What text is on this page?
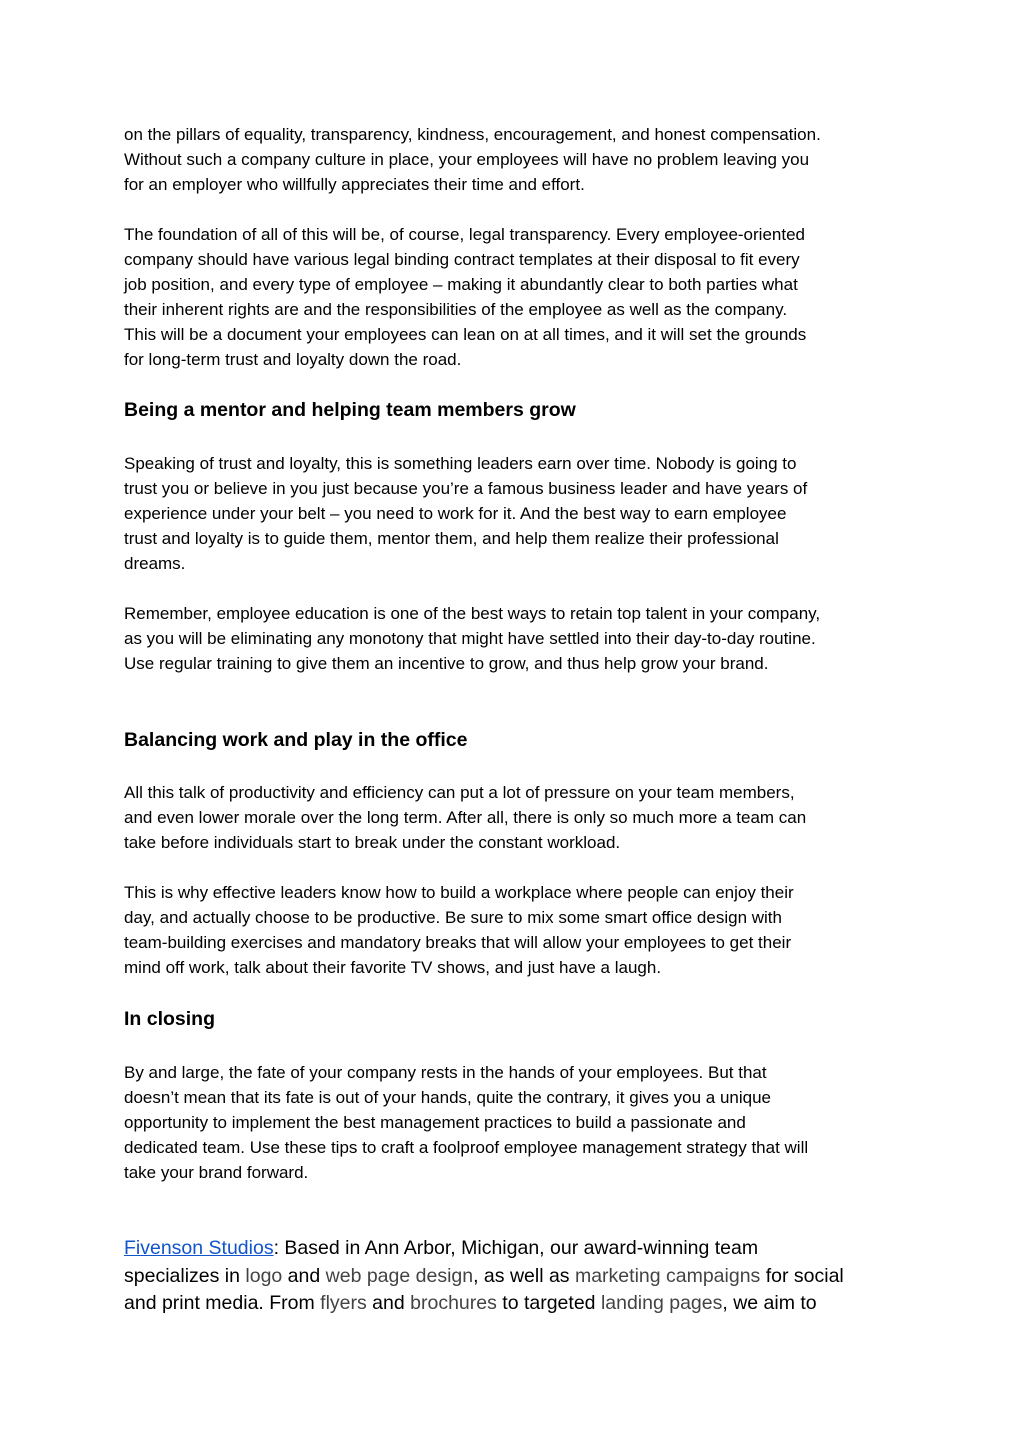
on the pillars of equality, transparency, kindness, encouragement, and honest compensation.
Without such a company culture in place, your employees will have no problem leaving you
for an employer who willfully appreciates their time and effort.

The foundation of all of this will be, of course, legal transparency. Every employee-oriented
company should have various legal binding contract templates at their disposal to fit every
job position, and every type of employee – making it abundantly clear to both parties what
their inherent rights are and the responsibilities of the employee as well as the company.
This will be a document your employees can lean on at all times, and it will set the grounds
for long-term trust and loyalty down the road.

Being a mentor and helping team members grow

Speaking of trust and loyalty, this is something leaders earn over time. Nobody is going to
trust you or believe in you just because you’re a famous business leader and have years of
experience under your belt – you need to work for it. And the best way to earn employee
trust and loyalty is to guide them, mentor them, and help them realize their professional
dreams.

Remember, employee education is one of the best ways to retain top talent in your company,
as you will be eliminating any monotony that might have settled into their day-to-day routine.
Use regular training to give them an incentive to grow, and thus help grow your brand.

Balancing work and play in the office

All this talk of productivity and efficiency can put a lot of pressure on your team members,
and even lower morale over the long term. After all, there is only so much more a team can
take before individuals start to break under the constant workload.

This is why effective leaders know how to build a workplace where people can enjoy their
day, and actually choose to be productive. Be sure to mix some smart office design with
team-building exercises and mandatory breaks that will allow your employees to get their
mind off work, talk about their favorite TV shows, and just have a laugh.

In closing

By and large, the fate of your company rests in the hands of your employees. But that
doesn’t mean that its fate is out of your hands, quite the contrary, it gives you a unique
opportunity to implement the best management practices to build a passionate and
dedicated team. Use these tips to craft a foolproof employee management strategy that will
take your brand forward.

Fivenson Studios: Based in Ann Arbor, Michigan, our award-winning team
specializes in logo and web page design, as well as marketing campaigns for social
and print media. From flyers and brochures to targeted landing pages, we aim to
